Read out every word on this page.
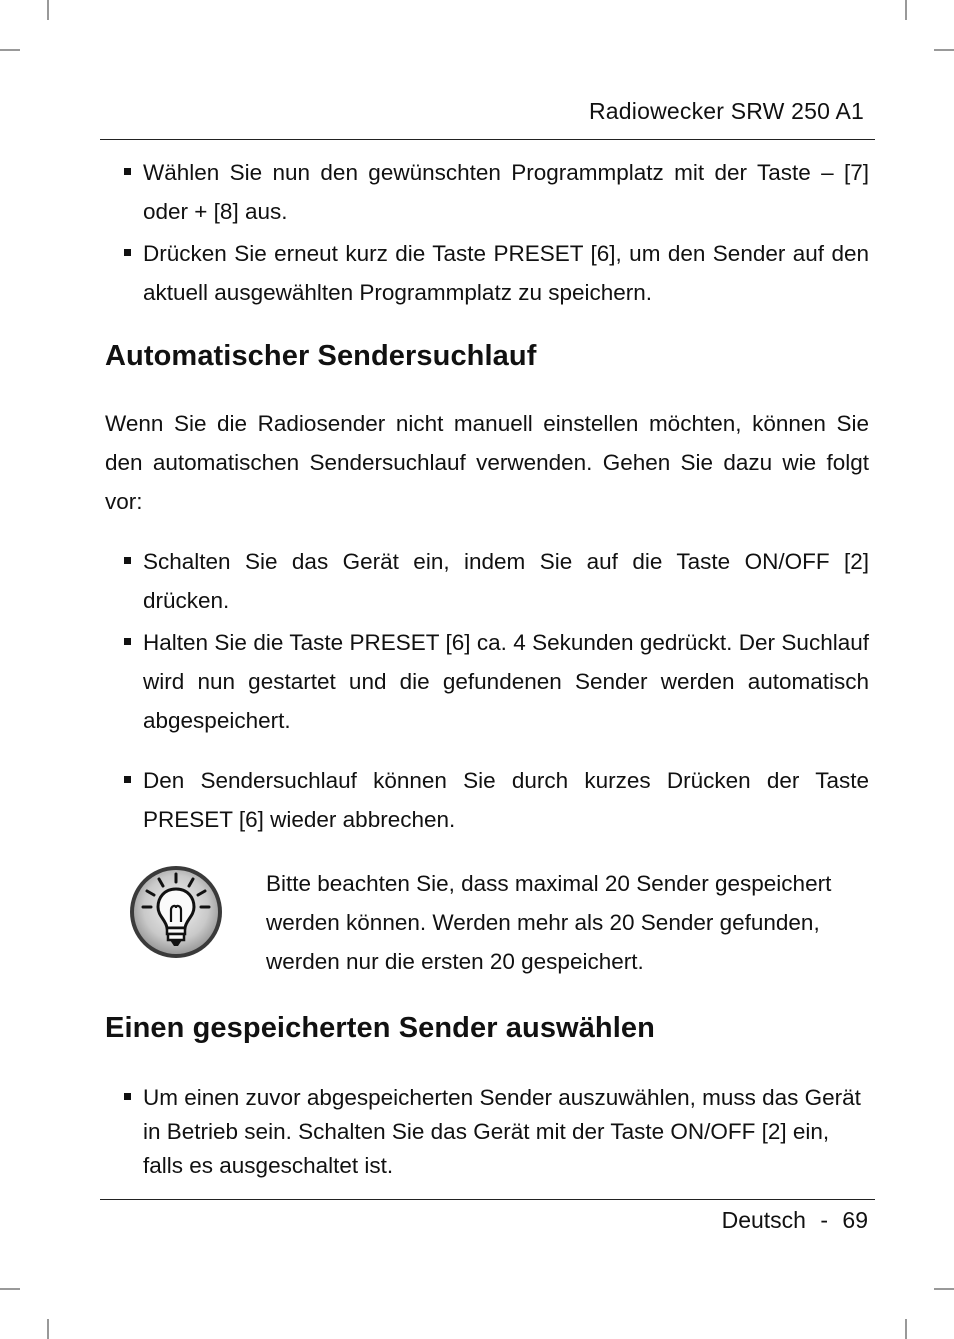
Radiowecker SRW 250 A1
Wählen Sie nun den gewünschten Programmplatz mit der Taste – [7] oder + [8] aus.
Drücken Sie erneut kurz die Taste PRESET [6], um den Sender auf den aktuell ausgewählten Programmplatz zu speichern.
Automatischer Sendersuchlauf
Wenn Sie die Radiosender nicht manuell einstellen möchten, können Sie den automatischen Sendersuchlauf verwenden. Gehen Sie dazu wie folgt vor:
Schalten Sie das Gerät ein, indem Sie auf die Taste ON/OFF [2] drücken.
Halten Sie die Taste PRESET [6] ca. 4 Sekunden gedrückt. Der Suchlauf wird nun gestartet und die gefundenen Sender werden automatisch abgespeichert.
Den Sendersuchlauf können Sie durch kurzes Drücken der Taste PRESET [6] wieder abbrechen.
Bitte beachten Sie, dass maximal 20 Sender gespeichert werden können. Werden mehr als 20 Sender gefunden, werden nur die ersten 20 gespeichert.
Einen gespeicherten Sender auswählen
Um einen zuvor abgespeicherten Sender auszuwählen, muss das Gerät in Betrieb sein. Schalten Sie das Gerät mit der Taste ON/OFF [2] ein, falls es ausgeschaltet ist.
Deutsch - 69
